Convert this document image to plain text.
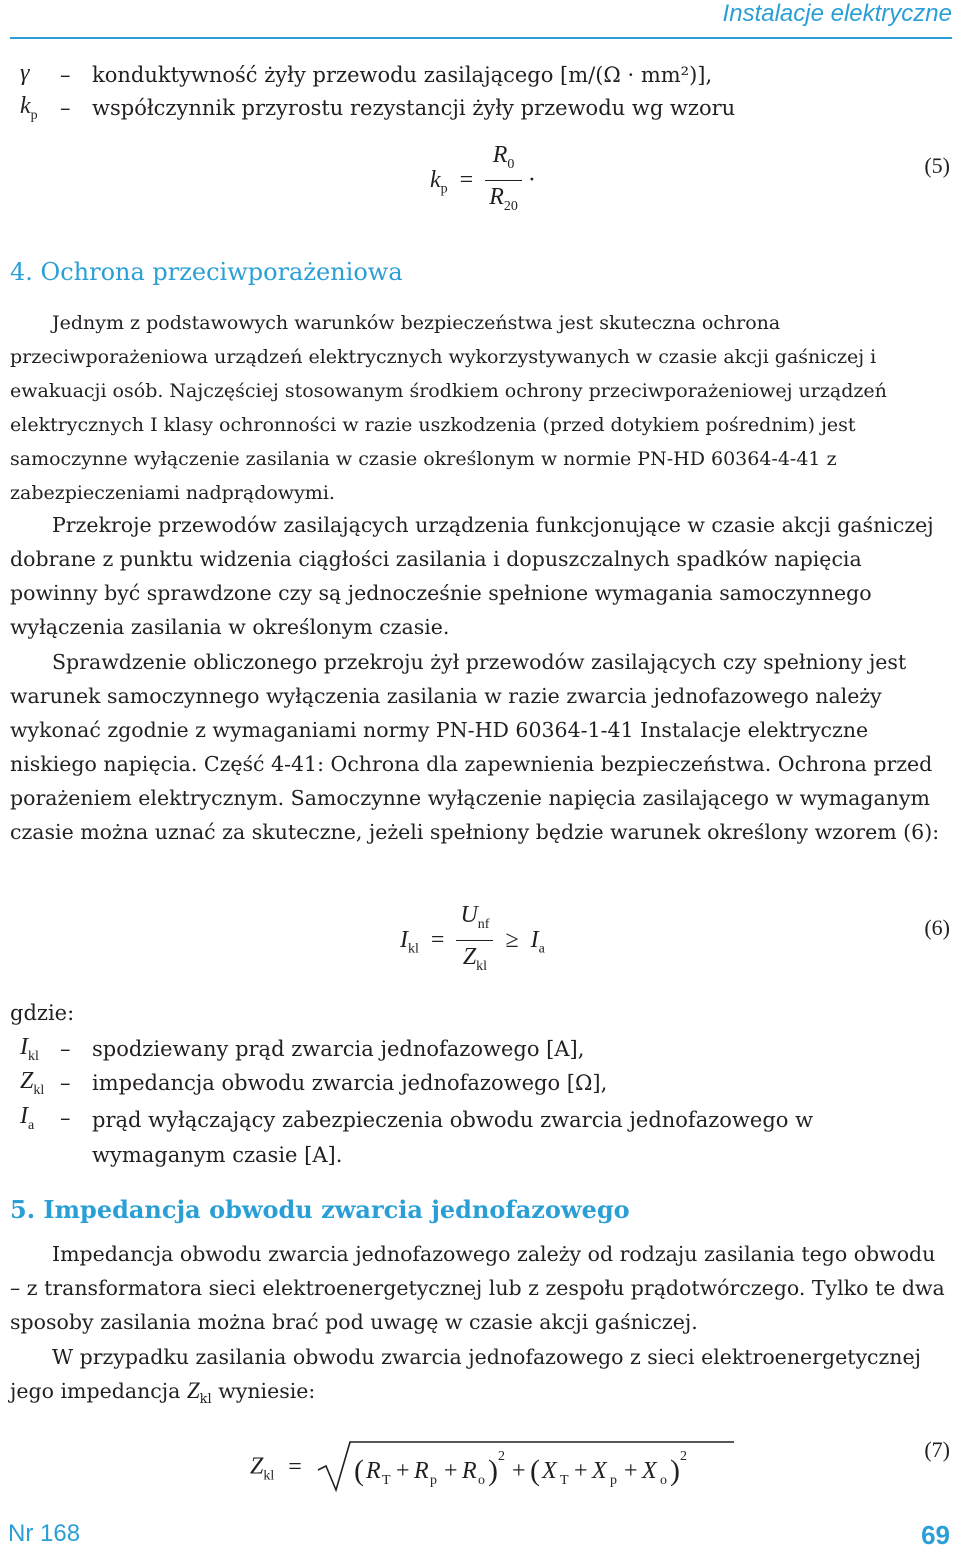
Instalacje elektryczne
γ – konduktywność żyły przewodu zasilającego [m/(Ω · mm²)],
$k_p$ – współczynnik przyrostu rezystancji żyły przewodu wg wzoru
$k_p = \frac{R_0}{R_{20}}$ ·
(5)
4. Ochrona przeciwporażeniowa
Jednym z podstawowych warunków bezpieczeństwa jest skuteczna ochrona przeciwporażeniowa urządzeń elektrycznych wykorzystywanych w czasie akcji gaśniczej i ewakuacji osób. Najczęściej stosowanym środkiem ochrony przeciwporażeniowej urządzeń elektrycznych I klasy ochronności w razie uszkodzenia (przed dotykiem pośrednim) jest samoczynne wyłączenie zasilania w czasie określonym w normie PN-HD 60364-4-41 z zabezpieczeniami nadprądowymi.
Przekroje przewodów zasilających urządzenia funkcjonujące w czasie akcji gaśniczej dobrane z punktu widzenia ciągłości zasilania i dopuszczalnych spadków napięcia powinny być sprawdzone czy są jednocześnie spełnione wymagania samoczynnego wyłączenia zasilania w określonym czasie.
Sprawdzenie obliczonego przekroju żył przewodów zasilających czy spełniony jest warunek samoczynnego wyłączenia zasilania w razie zwarcia jednofazowego należy wykonać zgodnie z wymaganiami normy PN-HD 60364-1-41 Instalacje elektryczne niskiego napięcia. Część 4-41: Ochrona dla zapewnienia bezpieczeństwa. Ochrona przed porażeniem elektrycznym. Samoczynne wyłączenie napięcia zasilającego w wymaganym czasie można uznać za skuteczne, jeżeli spełniony będzie warunek określony wzorem (6):
$I_{kl} = \frac{U_{nf}}{Z_{kl}} \ge I_a$
(6)
gdzie:
$I_{kl}$ – spodziewany prąd zwarcia jednofazowego [A],
$Z_{kl}$ – impedancja obwodu zwarcia jednofazowego [Ω],
$I_a$ – prąd wyłączający zabezpieczenia obwodu zwarcia jednofazowego w wymaganym czasie [A].
5. Impedancja obwodu zwarcia jednofazowego
Impedancja obwodu zwarcia jednofazowego zależy od rodzaju zasilania tego obwodu – z transformatora sieci elektroenergetycznej lub z zespołu prądotwórczego. Tylko te dwa sposoby zasilania można brać pod uwagę w czasie akcji gaśniczej.
W przypadku zasilania obwodu zwarcia jednofazowego z sieci elektroenergetycznej jego impedancja $Z_{kl}$ wyniesie:
$Z_{kl}$ = ( R T + R p + R o ) 2
+ ( X T + X p + X o ) 2	(7)
Nr 168	69
